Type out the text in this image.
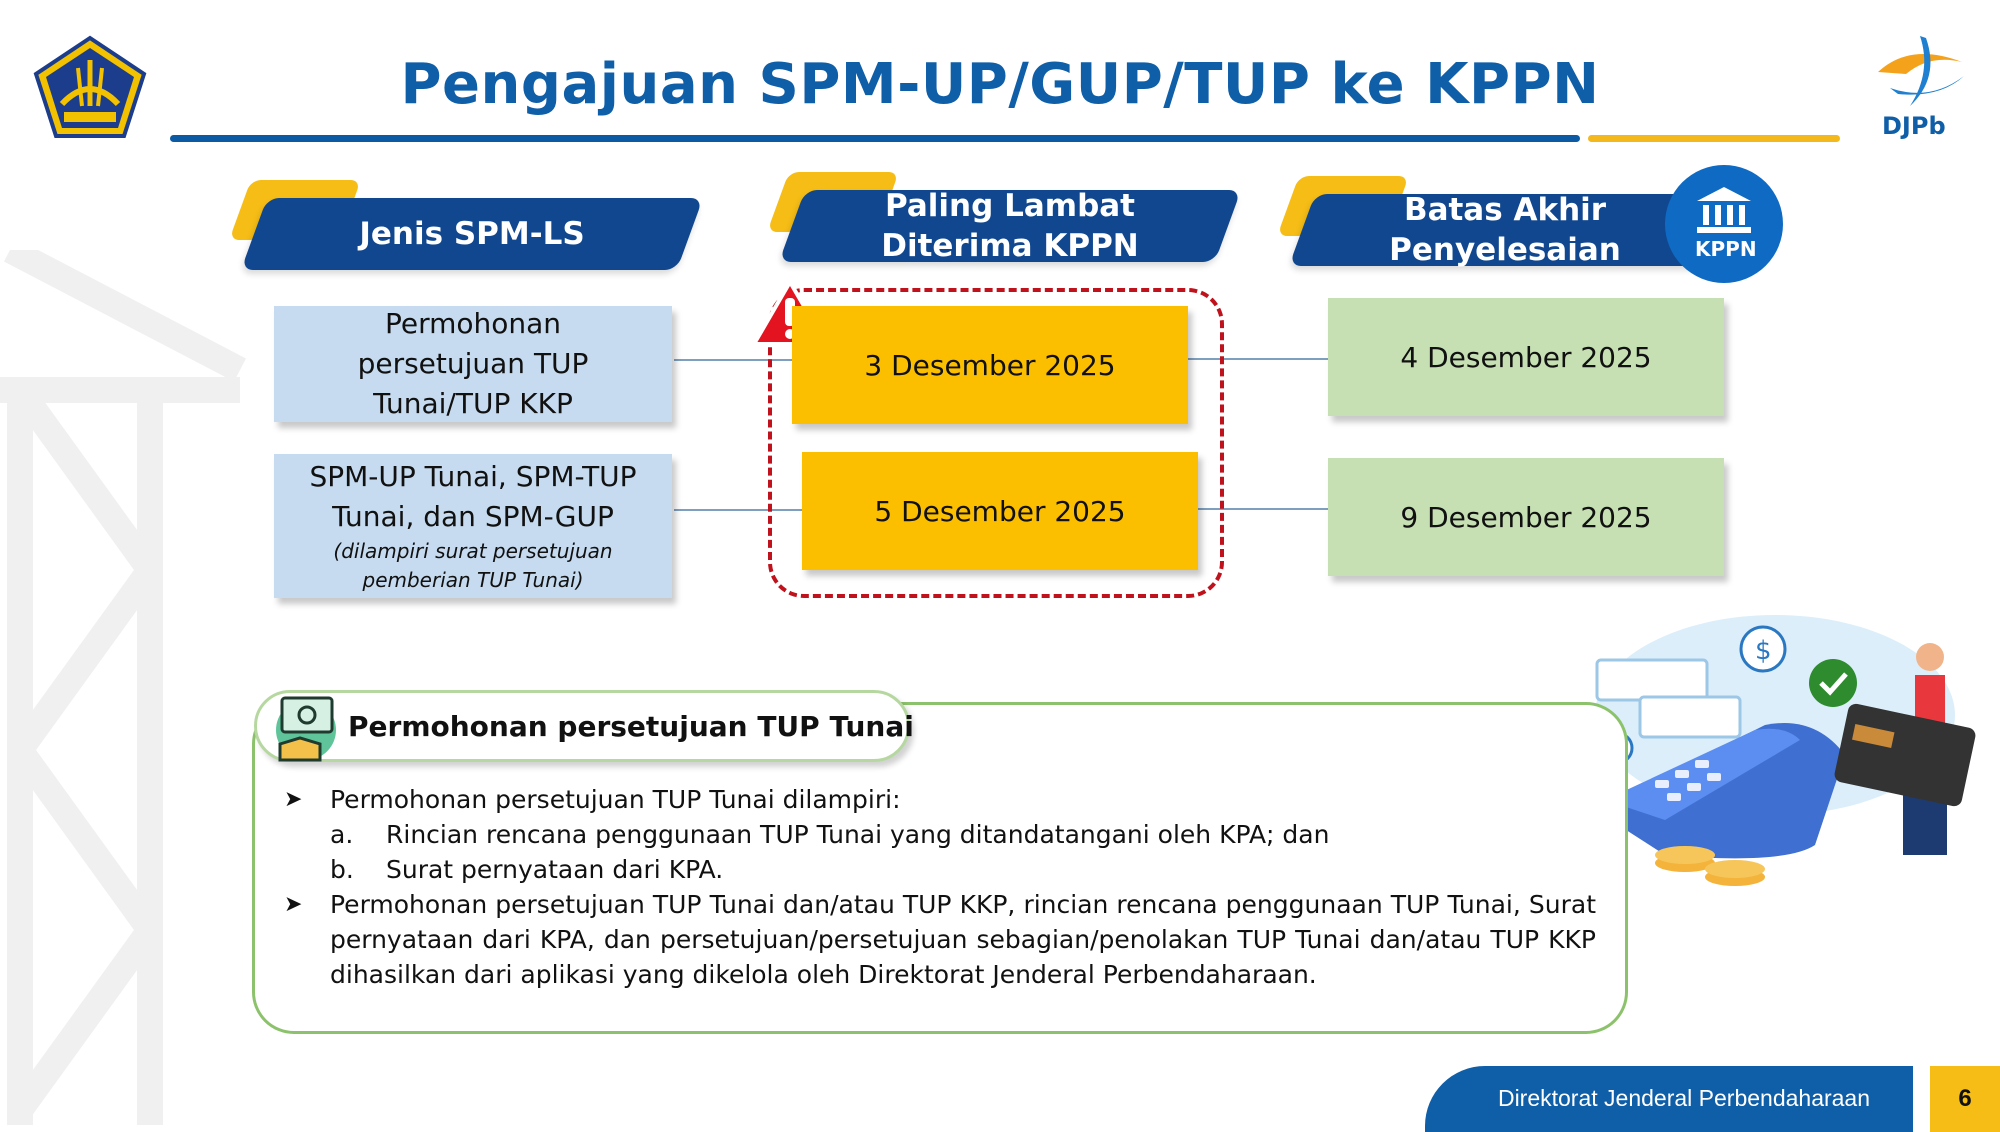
DJPb
Pengajuan SPM-UP/GUP/TUP ke KPPN
Jenis SPM-LS
Paling Lambat Diterima KPPN
Batas Akhir Penyelesaian	KPPN
Permohonan persetujuan TUP Tunai/TUP KKP
3 Desember 2025	4 Desember 2025
SPM-UP Tunai, SPM-TUP Tunai, dan SPM-GUP
(dilampiri surat persetujuan pemberian TUP Tunai)
5 Desember 2025	9 Desember 2025
$
Permohonan persetujuan TUP Tunai
➤	Permohonan persetujuan TUP Tunai dilampiri:
a.	Rincian rencana penggunaan TUP Tunai yang ditandatangani oleh KPA; dan
b.	Surat pernyataan dari KPA.
➤	Permohonan persetujuan TUP Tunai dan/atau TUP KKP, rincian rencana penggunaan TUP Tunai, Surat pernyataan dari KPA, dan persetujuan/persetujuan sebagian/penolakan TUP Tunai dan/atau TUP KKP dihasilkan dari aplikasi yang dikelola oleh Direktorat Jenderal Perbendaharaan.
Direktorat Jenderal Perbendaharaan	6
